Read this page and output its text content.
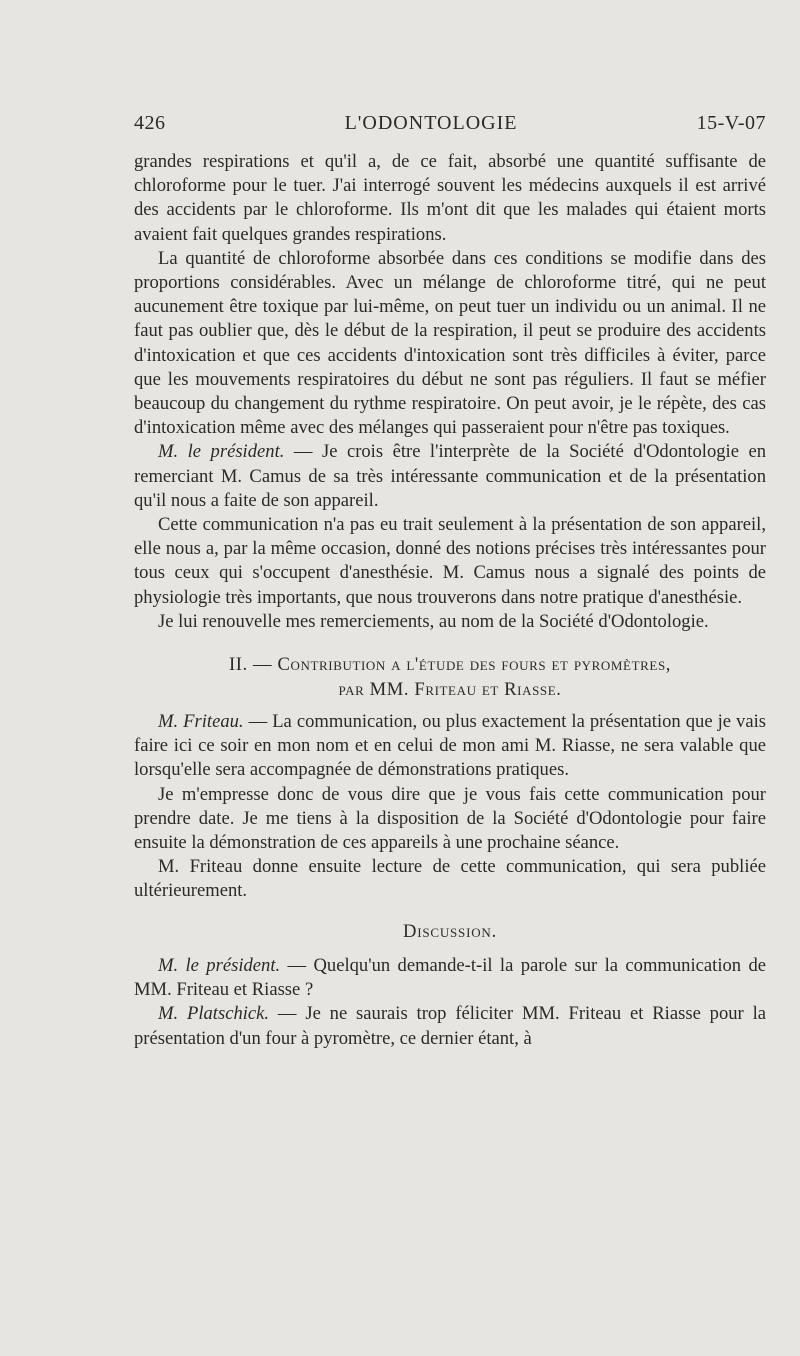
426	L'ODONTOLOGIE	15-V-07

grandes respirations et qu'il a, de ce fait, absorbé une quantité suffisante de chloroforme pour le tuer. J'ai interrogé souvent les médecins auxquels il est arrivé des accidents par le chloroforme. Ils m'ont dit que les malades qui étaient morts avaient fait quelques grandes respirations.

La quantité de chloroforme absorbée dans ces conditions se modifie dans des proportions considérables. Avec un mélange de chloroforme titré, qui ne peut aucunement être toxique par lui-même, on peut tuer un individu ou un animal. Il ne faut pas oublier que, dès le début de la respiration, il peut se produire des accidents d'intoxication et que ces accidents d'intoxication sont très difficiles à éviter, parce que les mouvements respiratoires du début ne sont pas réguliers. Il faut se méfier beaucoup du changement du rythme respiratoire. On peut avoir, je le répète, des cas d'intoxication même avec des mélanges qui passeraient pour n'être pas toxiques.

M. le président. — Je crois être l'interprète de la Société d'Odontologie en remerciant M. Camus de sa très intéressante communication et de la présentation qu'il nous a faite de son appareil.

Cette communication n'a pas eu trait seulement à la présentation de son appareil, elle nous a, par la même occasion, donné des notions précises très intéressantes pour tous ceux qui s'occupent d'anesthésie. M. Camus nous a signalé des points de physiologie très importants, que nous trouverons dans notre pratique d'anesthésie.

Je lui renouvelle mes remerciements, au nom de la Société d'Odontologie.

II. — Contribution a l'étude des fours et pyromètres,
par MM. Friteau et Riasse.

M. Friteau. — La communication, ou plus exactement la présentation que je vais faire ici ce soir en mon nom et en celui de mon ami M. Riasse, ne sera valable que lorsqu'elle sera accompagnée de démonstrations pratiques.

Je m'empresse donc de vous dire que je vous fais cette communication pour prendre date. Je me tiens à la disposition de la Société d'Odontologie pour faire ensuite la démonstration de ces appareils à une prochaine séance.

M. Friteau donne ensuite lecture de cette communication, qui sera publiée ultérieurement.

Discussion.

M. le président. — Quelqu'un demande-t-il la parole sur la communication de MM. Friteau et Riasse ?

M. Platschick. — Je ne saurais trop féliciter MM. Friteau et Riasse pour la présentation d'un four à pyromètre, ce dernier étant, à
